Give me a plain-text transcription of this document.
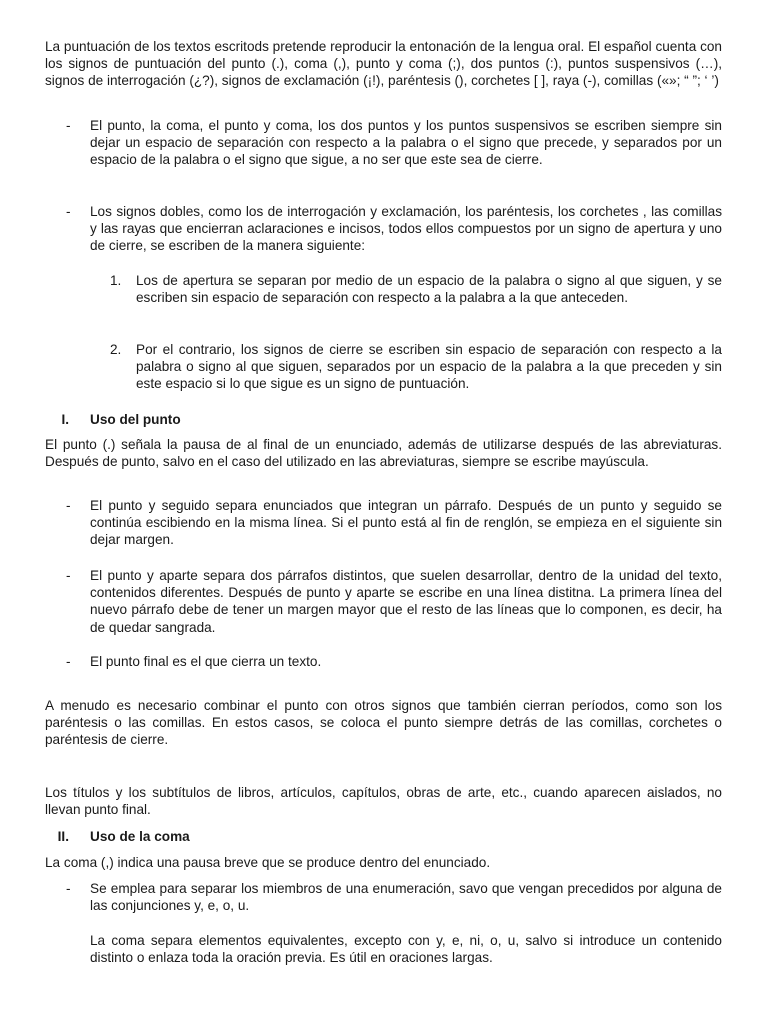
La puntuación de los textos escritods pretende reproducir la entonación de la lengua oral. El español cuenta con los signos de puntuación del punto (.), coma (,), punto y coma (;), dos puntos (:), puntos suspensivos (…), signos de interrogación (¿?), signos de exclamación (¡!), paréntesis (), corchetes [ ], raya (-), comillas («»; “ ”; ‘ ’)

-	El punto, la coma, el punto y coma, los dos puntos y los puntos suspensivos se escriben siempre sin dejar un espacio de separación con respecto a la palabra o el signo que precede, y separados por un espacio de la palabra o el signo que sigue, a no ser que este sea de cierre.

-	Los signos dobles, como los de interrogación y exclamación, los paréntesis, los corchetes , las comillas y las rayas que encierran aclaraciones e incisos, todos ellos compuestos por un signo de apertura y uno de cierre, se escriben de la manera siguiente:

1.	Los de apertura se separan por medio de un espacio de la palabra o signo al que siguen, y se escriben sin espacio de separación con respecto a la palabra a la que anteceden.

2.	Por el contrario, los signos de cierre se escriben sin espacio de separación con respecto a la palabra o signo al que siguen, separados por un espacio de la palabra a la que preceden y sin este espacio si lo que sigue es un signo de puntuación.

I. Uso del punto

El punto (.) señala la pausa de al final de un enunciado, además de utilizarse después de las abreviaturas. Después de punto, salvo en el caso del utilizado en las abreviaturas, siempre se escribe mayúscula.

-	El punto y seguido separa enunciados que integran un párrafo. Después de un punto y seguido se continúa escibiendo en la misma línea. Si el punto está al fin de renglón, se empieza en el siguiente sin dejar margen.

-	El punto y aparte separa dos párrafos distintos, que suelen desarrollar, dentro de la unidad del texto, contenidos diferentes. Después de punto y aparte se escribe en una línea distitna. La primera línea del nuevo párrafo debe de tener un margen mayor que el resto de las líneas que lo componen, es decir, ha de quedar sangrada.

-	El punto final es el que cierra un texto.

A menudo es necesario combinar el punto con otros signos que también cierran períodos, como son los paréntesis o las comillas. En estos casos, se coloca el punto siempre detrás de las comillas, corchetes o paréntesis de cierre.

Los títulos y los subtítulos de libros, artículos, capítulos, obras de arte, etc., cuando aparecen aislados, no llevan punto final.

II. Uso de la coma

La coma (,) indica una pausa breve que se produce dentro del enunciado.

-	Se emplea para separar los miembros de una enumeración, savo que vengan precedidos por alguna de las conjunciones y, e, o, u.

La coma separa elementos equivalentes, excepto con y, e, ni, o, u, salvo si introduce un contenido distinto o enlaza toda la oración previa. Es útil en oraciones largas.
